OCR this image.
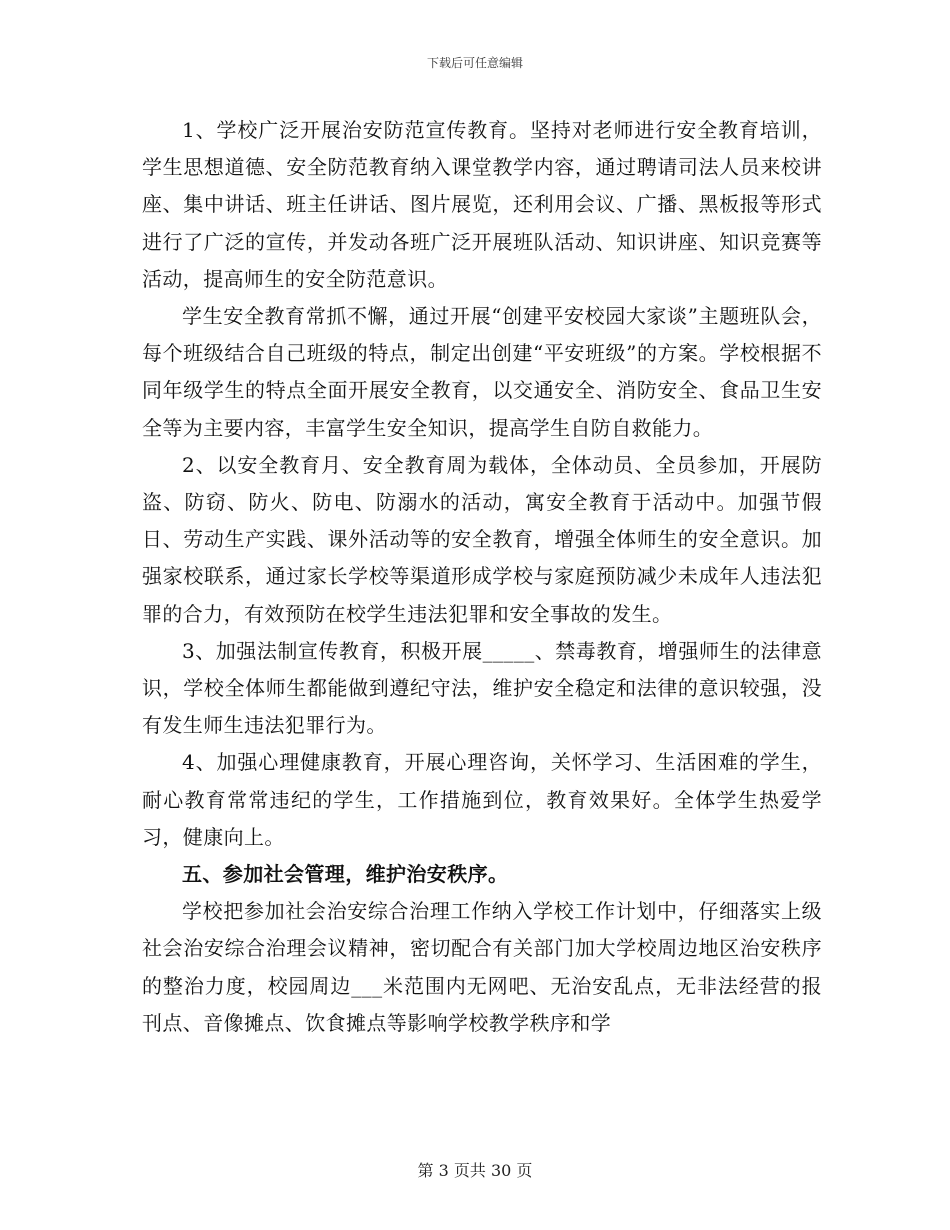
下载后可任意编辑

1、学校广泛开展治安防范宣传教育。坚持对老师进行安全教育培训，学生思想道德、安全防范教育纳入课堂教学内容，通过聘请司法人员来校讲座、集中讲话、班主任讲话、图片展览，还利用会议、广播、黑板报等形式进行了广泛的宣传，并发动各班广泛开展班队活动、知识讲座、知识竞赛等活动，提高师生的安全防范意识。

学生安全教育常抓不懈，通过开展“创建平安校园大家谈”主题班队会，每个班级结合自己班级的特点，制定出创建“平安班级”的方案。学校根据不同年级学生的特点全面开展安全教育，以交通安全、消防安全、食品卫生安全等为主要内容，丰富学生安全知识，提高学生自防自救能力。

2、以安全教育月、安全教育周为载体，全体动员、全员参加，开展防盗、防窃、防火、防电、防溺水的活动，寓安全教育于活动中。加强节假日、劳动生产实践、课外活动等的安全教育，增强全体师生的安全意识。加强家校联系，通过家长学校等渠道形成学校与家庭预防减少未成年人违法犯罪的合力，有效预防在校学生违法犯罪和安全事故的发生。

3、加强法制宣传教育，积极开展_____、禁毒教育，增强师生的法律意识，学校全体师生都能做到遵纪守法，维护安全稳定和法律的意识较强，没有发生师生违法犯罪行为。

4、加强心理健康教育，开展心理咨询，关怀学习、生活困难的学生，耐心教育常常违纪的学生，工作措施到位，教育效果好。全体学生热爱学习，健康向上。

五、参加社会管理，维护治安秩序。

学校把参加社会治安综合治理工作纳入学校工作计划中，仔细落实上级社会治安综合治理会议精神，密切配合有关部门加大学校周边地区治安秩序的整治力度，校园周边___米范围内无网吧、无治安乱点，无非法经营的报刊点、音像摊点、饮食摊点等影响学校教学秩序和学

第 3 页共 30 页
